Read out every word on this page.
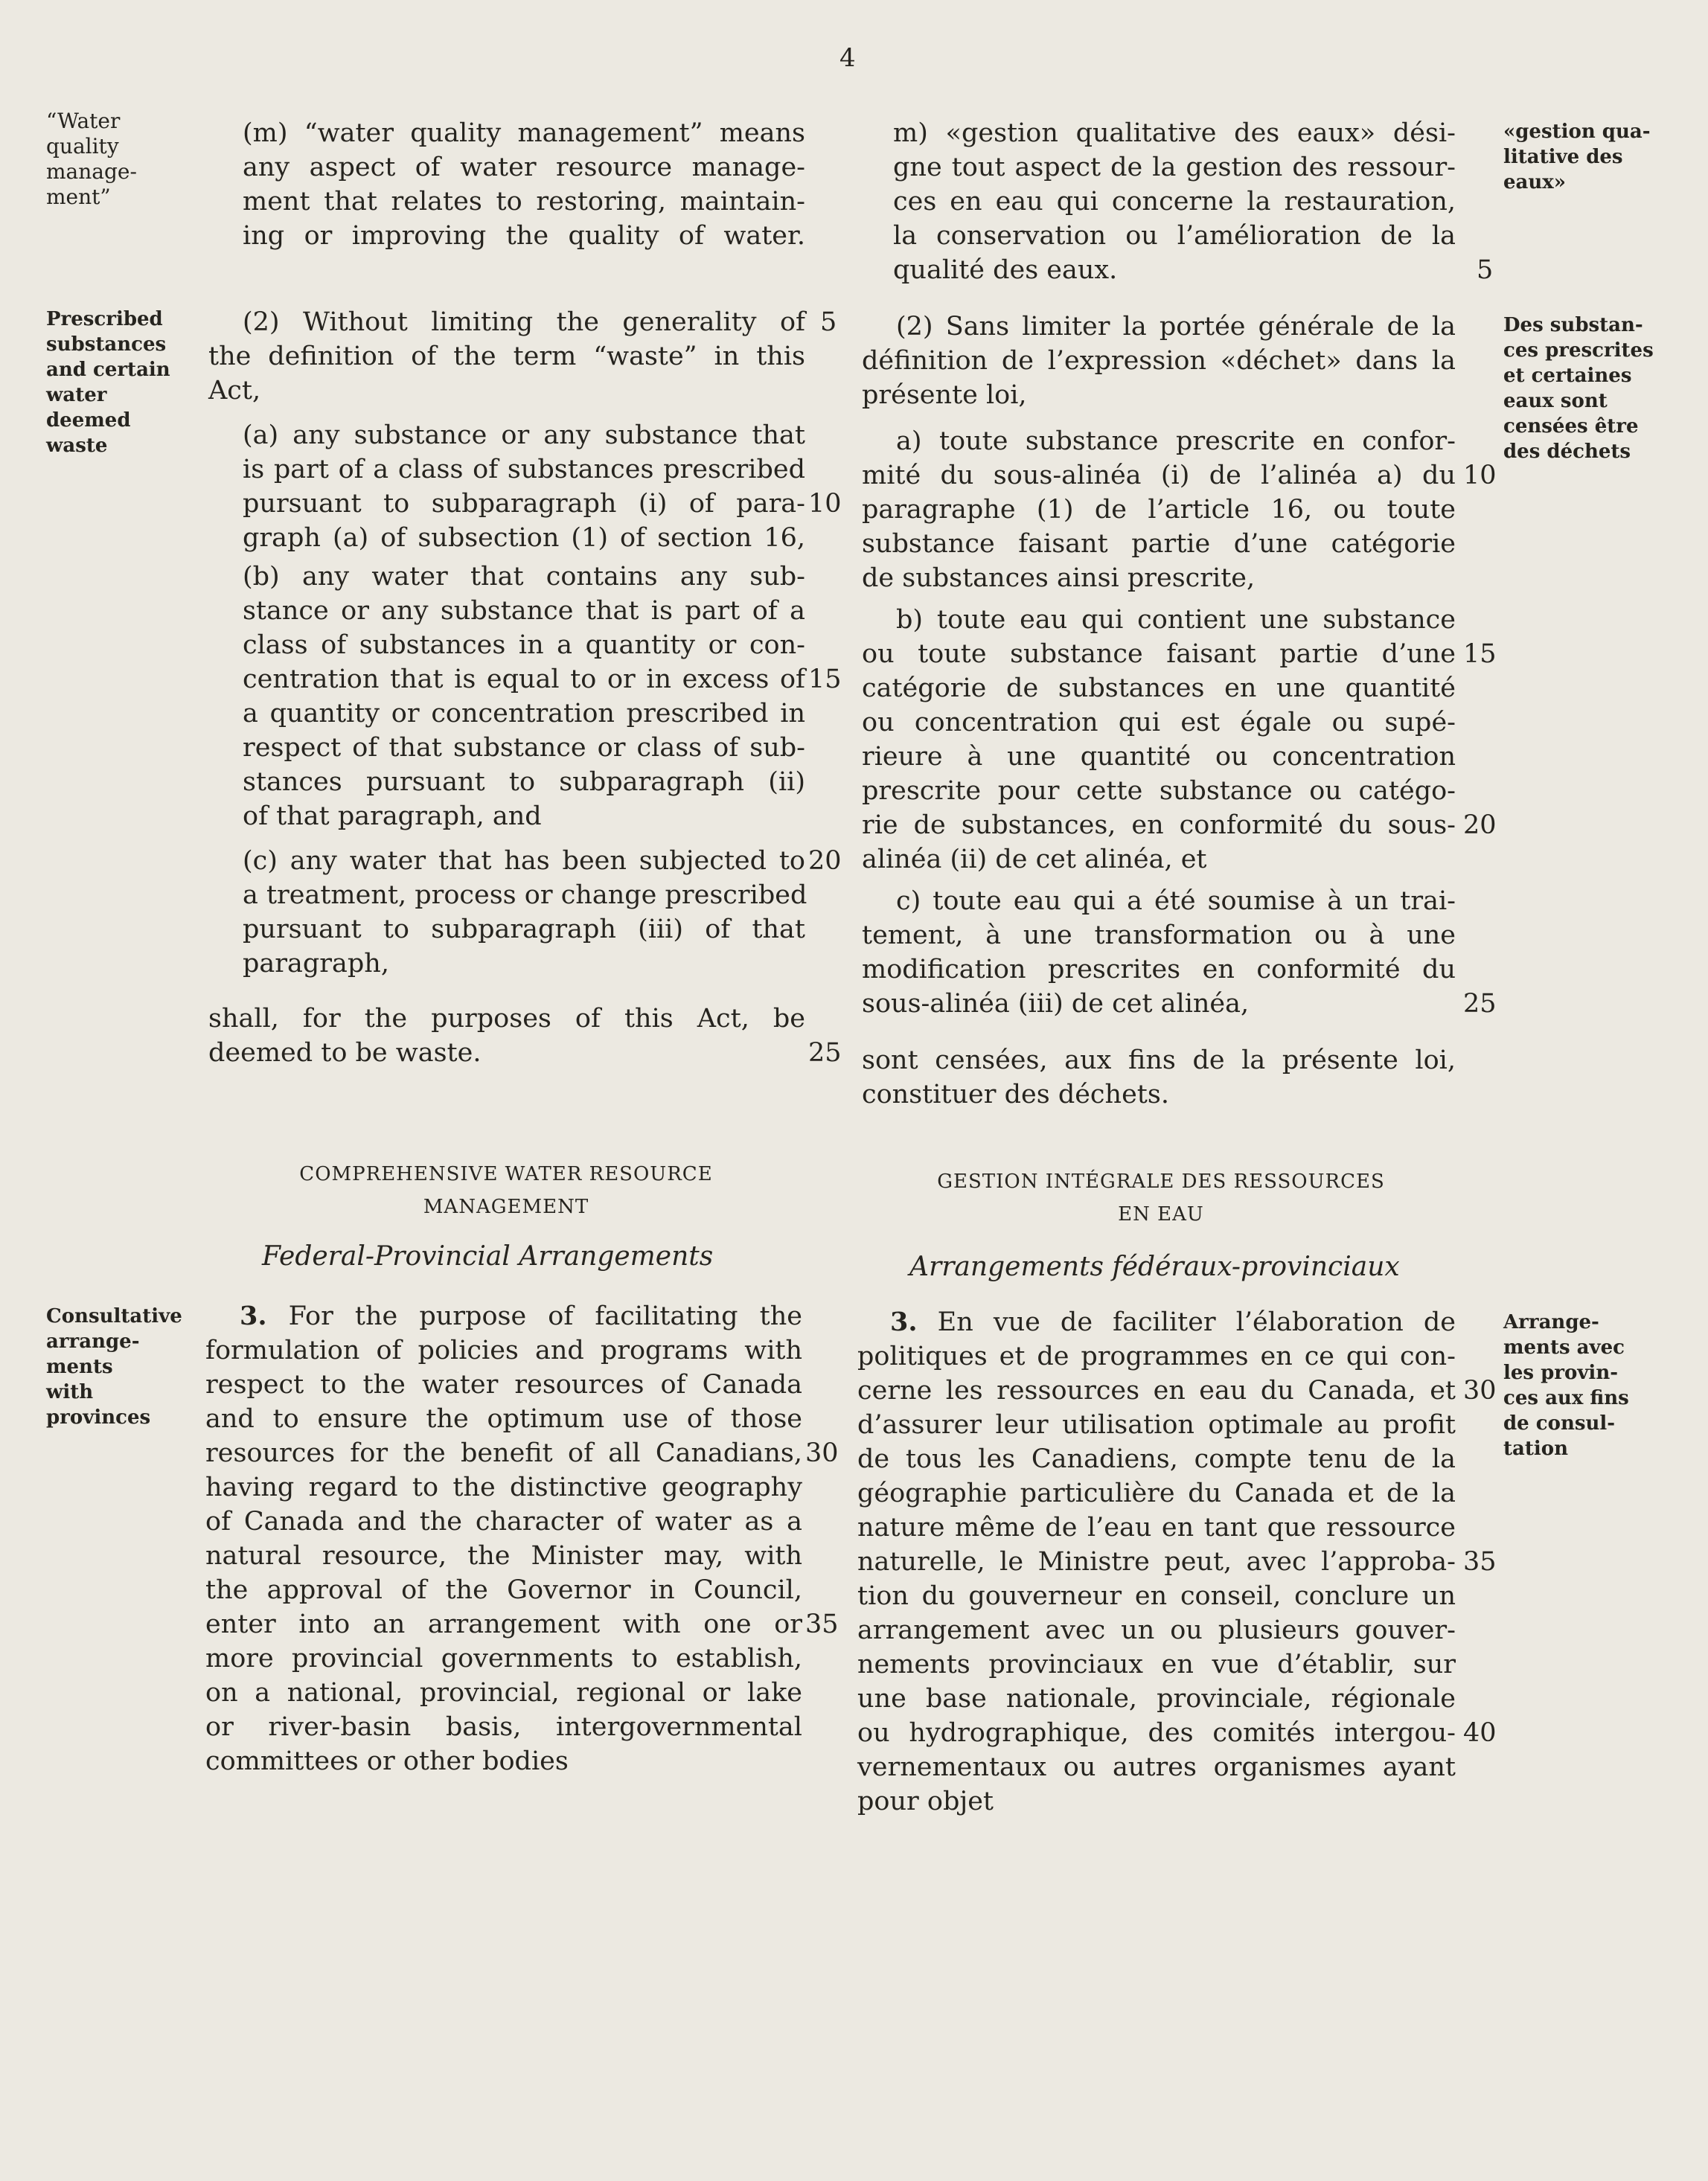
4
“Water
quality
manage-
ment”
(m) “water quality management” means
any aspect of water resource manage-
ment that relates to restoring, maintain-
ing or improving the quality of water.
Prescribed
substances
and certain
water
deemed
waste
(2) Without limiting the generality of
the definition of the term “waste” in this
Act,
(a) any substance or any substance that
is part of a class of substances prescribed
pursuant to subparagraph (i) of para-
graph (a) of subsection (1) of section 16,
(b) any water that contains any sub-
stance or any substance that is part of a
class of substances in a quantity or con-
centration that is equal to or in excess of
a quantity or concentration prescribed in
respect of that substance or class of sub-
stances pursuant to subparagraph (ii)
of that paragraph, and
(c) any water that has been subjected to
a treatment, process or change prescribed
pursuant to subparagraph (iii) of that
paragraph,
shall, for the purposes of this Act, be
deemed to be waste.
5
10
15
20
25
COMPREHENSIVE WATER RESOURCE
MANAGEMENT
Federal-Provincial Arrangements
Consultative
arrange-
ments
with
provinces
3. For the purpose of facilitating the
formulation of policies and programs with
respect to the water resources of Canada
and to ensure the optimum use of those
resources for the benefit of all Canadians,
having regard to the distinctive geography
of Canada and the character of water as a
natural resource, the Minister may, with
the approval of the Governor in Council,
enter into an arrangement with one or
more provincial governments to establish,
on a national, provincial, regional or lake
or river-basin basis, intergovernmental
committees or other bodies
30
35
m) «gestion qualitative des eaux» dési-
gne tout aspect de la gestion des ressour-
ces en eau qui concerne la restauration,
la conservation ou l’amélioration de la
qualité des eaux.	5
«gestion qua-
litative des
eaux»
(2) Sans limiter la portée générale de la
définition de l’expression «déchet» dans la
présente loi,
a) toute substance prescrite en confor-
mité du sous-alinéa (i) de l’alinéa a) du
paragraphe (1) de l’article 16, ou toute
substance faisant partie d’une catégorie
de substances ainsi prescrite,
b) toute eau qui contient une substance
ou toute substance faisant partie d’une
catégorie de substances en une quantité
ou concentration qui est égale ou supé-
rieure à une quantité ou concentration
prescrite pour cette substance ou catégo-
rie de substances, en conformité du sous-
alinéa (ii) de cet alinéa, et
c) toute eau qui a été soumise à un trai-
tement, à une transformation ou à une
modification prescrites en conformité du
sous-alinéa (iii) de cet alinéa,
sont censées, aux fins de la présente loi,
constituer des déchets.
10
15
20
25
Des substan-
ces prescrites
et certaines
eaux sont
censées être
des déchets
GESTION INTÉGRALE DES RESSOURCES
EN EAU
Arrangements fédéraux-provinciaux
3. En vue de faciliter l’élaboration de
politiques et de programmes en ce qui con-
cerne les ressources en eau du Canada, et
d’assurer leur utilisation optimale au profit
de tous les Canadiens, compte tenu de la
géographie particulière du Canada et de la
nature même de l’eau en tant que ressource
naturelle, le Ministre peut, avec l’approba-
tion du gouverneur en conseil, conclure un
arrangement avec un ou plusieurs gouver-
nements provinciaux en vue d’établir, sur
une base nationale, provinciale, régionale
ou hydrographique, des comités intergou-
vernementaux ou autres organismes ayant
pour objet
30
35
40
Arrange-
ments avec
les provin-
ces aux fins
de consul-
tation
